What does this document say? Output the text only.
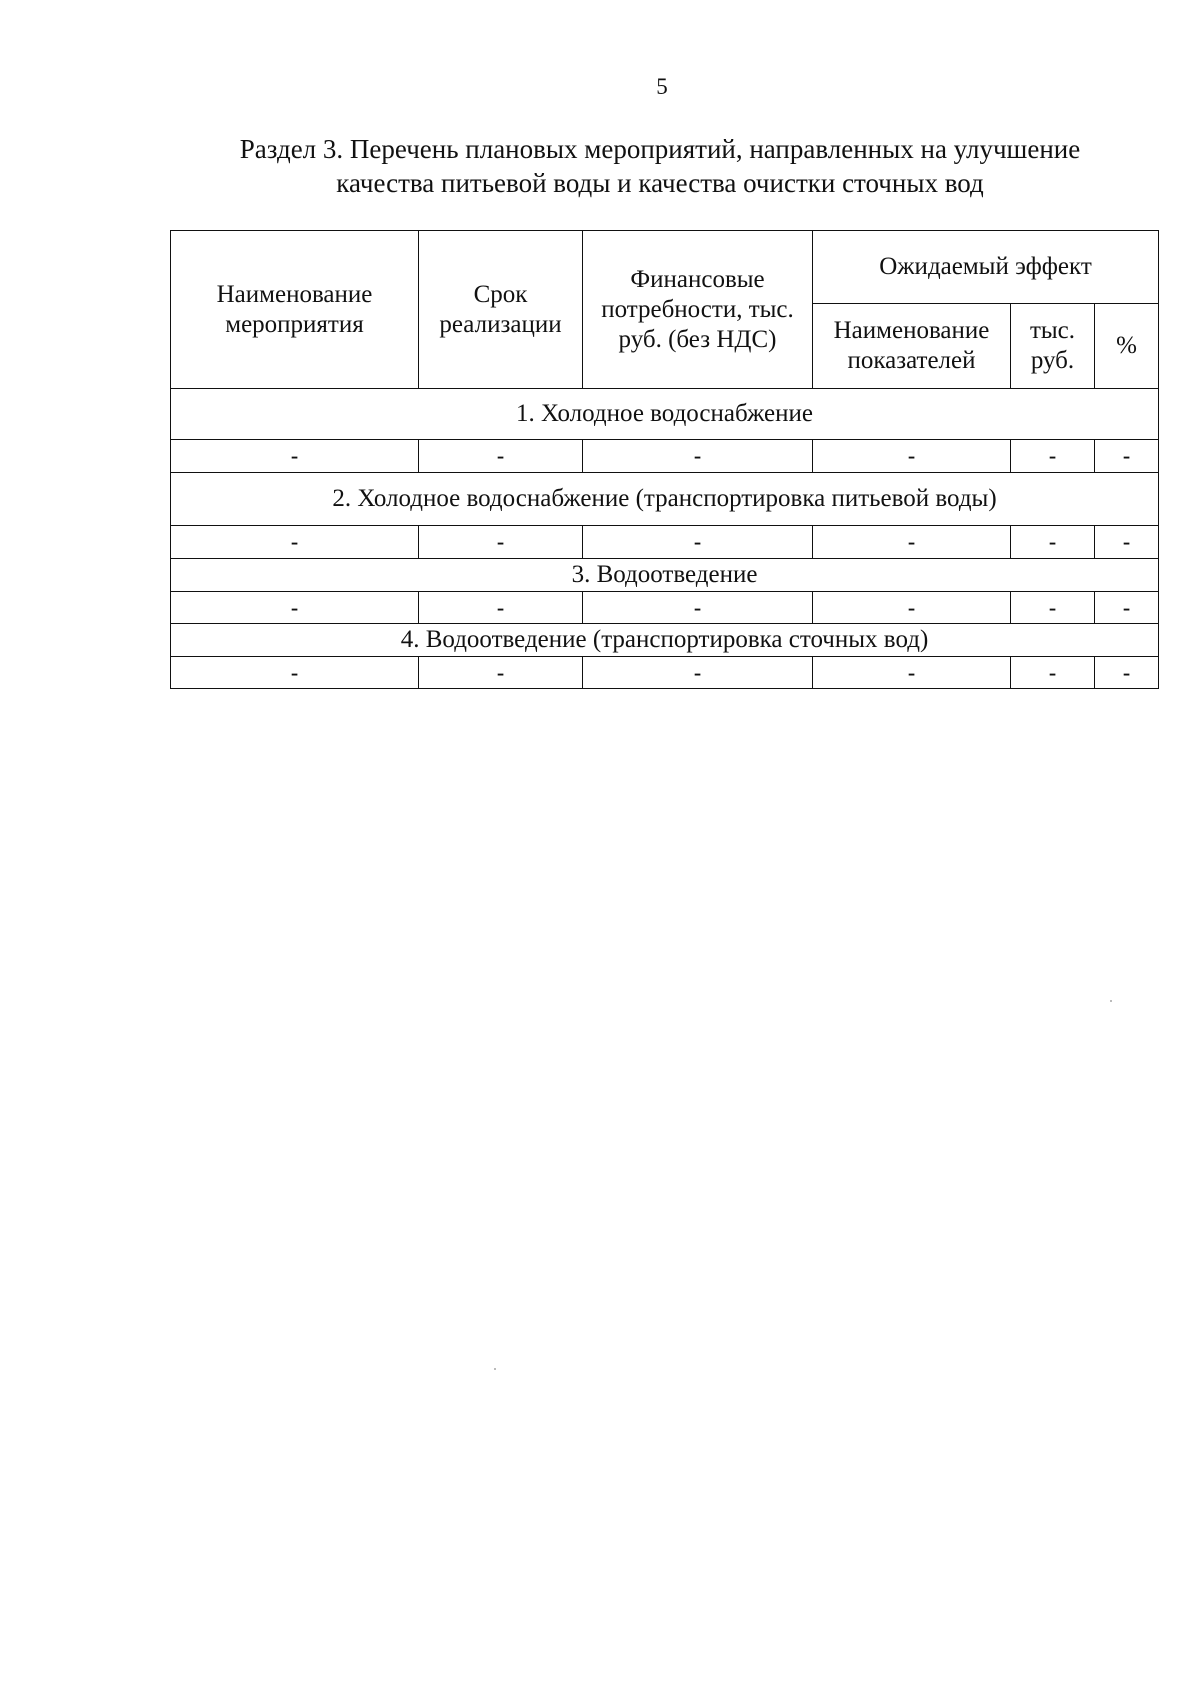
5
Раздел 3. Перечень плановых мероприятий, направленных на улучшение
качества питьевой воды и качества очистки сточных вод
Наименование мероприятия	Срок реализации	Финансовые потребности, тыс. руб. (без НДС)	Ожидаемый эффект		
			Наименование показателей	тыс. руб.	%
1. Холодное водоснабжение					
-	-	-	-	-	-
2. Холодное водоснабжение (транспортировка питьевой воды)					
-	-	-	-	-	-
3. Водоотведение					
-	-	-	-	-	-
4. Водоотведение (транспортировка сточных вод)					
-	-	-	-	-	-
